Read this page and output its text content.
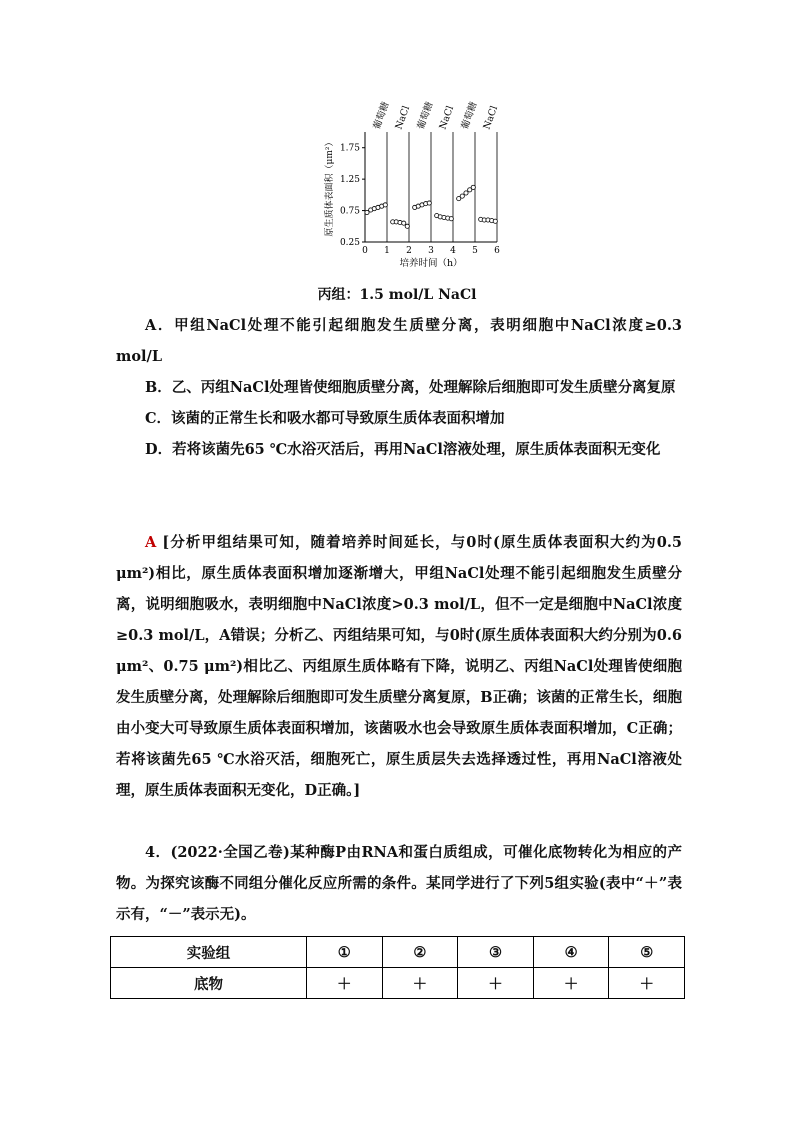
0.25
0.75
1.25
1.75
0 1 2 3 4 5 6
培养时间（h）
原生质体表面积（μm²）
葡萄糖 NaCl 葡萄糖 NaCl 葡萄糖 NaCl
丙组：1.5 mol/L NaCl

A．甲组NaCl处理不能引起细胞发生质壁分离，表明细胞中NaCl浓度≥0.3 mol/L

B．乙、丙组NaCl处理皆使细胞质壁分离，处理解除后细胞即可发生质壁分离复原

C．该菌的正常生长和吸水都可导致原生质体表面积增加

D．若将该菌先65 ℃水浴灭活后，再用NaCl溶液处理，原生质体表面积无变化

A [分析甲组结果可知，随着培养时间延长，与0时(原生质体表面积大约为0.5 μm²)相比，原生质体表面积增加逐渐增大，甲组NaCl处理不能引起细胞发生质壁分离，说明细胞吸水，表明细胞中NaCl浓度>0.3 mol/L，但不一定是细胞中NaCl浓度≥0.3 mol/L，A错误；分析乙、丙组结果可知，与0时(原生质体表面积大约分别为0.6 μm²、0.75 μm²)相比乙、丙组原生质体略有下降，说明乙、丙组NaCl处理皆使细胞发生质壁分离，处理解除后细胞即可发生质壁分离复原，B正确；该菌的正常生长，细胞由小变大可导致原生质体表面积增加，该菌吸水也会导致原生质体表面积增加，C正确；若将该菌先65 ℃水浴灭活，细胞死亡，原生质层失去选择透过性，再用NaCl溶液处理，原生质体表面积无变化，D正确。]

4．(2022·全国乙卷)某种酶P由RNA和蛋白质组成，可催化底物转化为相应的产物。为探究该酶不同组分催化反应所需的条件。某同学进行了下列5组实验(表中“＋”表示有，“－”表示无)。

实验组	①	②	③	④	⑤
底物	＋	＋	＋	＋	＋
